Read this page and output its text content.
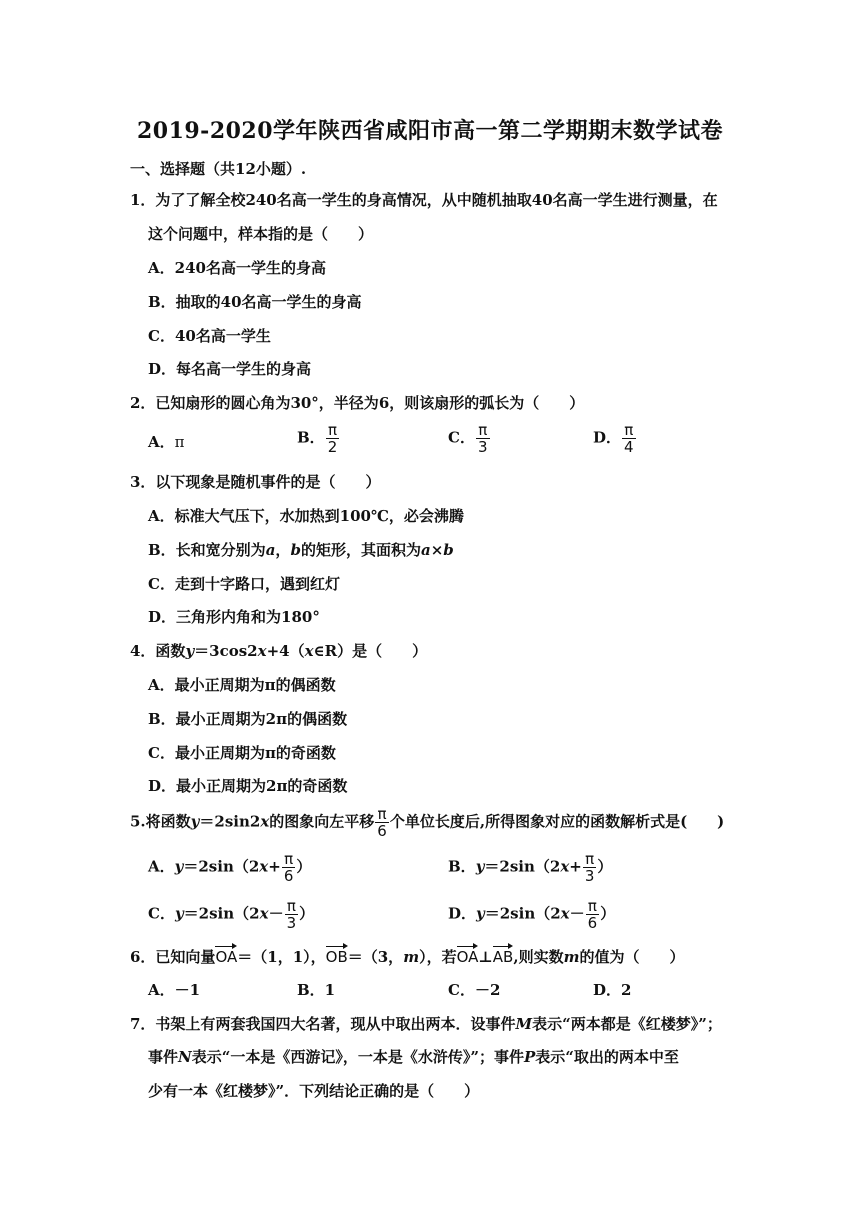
2019-2020学年陕西省咸阳市高一第二学期期末数学试卷
一、选择题（共12小题）.
1．为了了解全校240名高一学生的身高情况，从中随机抽取40名高一学生进行测量，在
这个问题中，样本指的是（　　）
A．240名高一学生的身高
B．抽取的40名高一学生的身高
C．40名高一学生
D．每名高一学生的身高
2．已知扇形的圆心角为30°，半径为6，则该扇形的弧长为（　　）
A．π	B． $\frac{\pi}{2}$	C． $\frac{\pi}{3}$	D． $\frac{\pi}{4}$
3．以下现象是随机事件的是（　　）
A．标准大气压下，水加热到100℃，必会沸腾
B．长和宽分别为a，b的矩形，其面积为a×b
C．走到十字路口，遇到红灯
D．三角形内角和为180°
4．函数y＝3cos2x+4（x∈R）是（　　）
A．最小正周期为π的偶函数
B．最小正周期为2π的偶函数
C．最小正周期为π的奇函数
D．最小正周期为2π的奇函数
5.将函数y＝2sin2x的图象向左平移 $\frac{\pi}{6}$ 个单位长度后,所得图象对应的函数解析式是(　　)
A．$y=2\sin(2x+ \frac{\pi}{6}$ ）	B．$y=2\sin(2x+ \frac{\pi}{3}$ ）
C．$y=2\sin(2x- \frac{\pi}{3}$ ）	D．$y=2\sin(2x- \frac{\pi}{6}$ ）
6．已知向量OA＝（1，1），OB＝（3，m），若OA⊥AB,则实数m的值为（　　）
A．－1	B．1	C．－2	D．2
7．书架上有两套我国四大名著，现从中取出两本．设事件M表示“两本都是《红楼梦》”；
事件N表示“一本是《西游记》，一本是《水浒传》”；事件P表示“取出的两本中至
少有一本《红楼梦》”．下列结论正确的是（　　）
